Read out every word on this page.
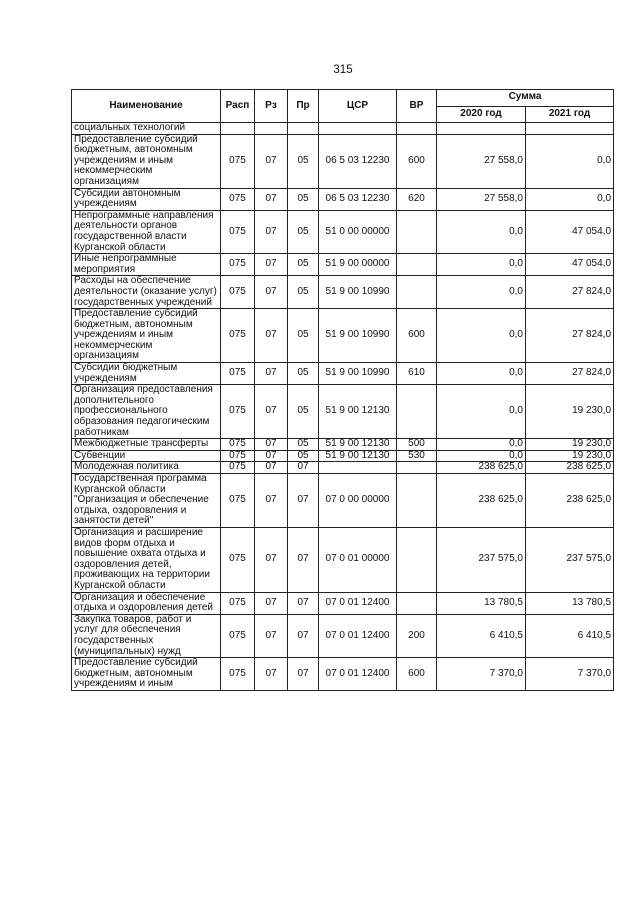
315
Наименование	Расп	Рз	Пр	ЦСР	ВР	Сумма	
						2020 год	2021 год
социальных технологий							
Предоставление субсидий бюджетным, автономным учреждениям и иным некоммерческим организациям	075	07	05	06 5 03 12230	600	27 558,0	0,0
Субсидии автономным учреждениям	075	07	05	06 5 03 12230	620	27 558,0	0,0
Непрограммные направления деятельности органов государственной власти Курганской области	075	07	05	51 0 00 00000		0,0	47 054,0
Иные непрограммные мероприятия	075	07	05	51 9 00 00000		0,0	47 054,0
Расходы на обеспечение деятельности (оказание услуг) государственных учреждений	075	07	05	51 9 00 10990		0,0	27 824,0
Предоставление субсидий бюджетным, автономным учреждениям и иным некоммерческим организациям	075	07	05	51 9 00 10990	600	0,0	27 824,0
Субсидии бюджетным учреждениям	075	07	05	51 9 00 10990	610	0,0	27 824,0
Организация предоставления дополнительного профессионального образования педагогическим работникам	075	07	05	51 9 00 12130		0,0	19 230,0
Межбюджетные трансферты	075	07	05	51 9 00 12130	500	0,0	19 230,0
Субвенции	075	07	05	51 9 00 12130	530	0,0	19 230,0
Молодежная политика	075	07	07			238 625,0	238 625,0
Государственная программа Курганской области "Организация и обеспечение отдыха, оздоровления и занятости детей"	075	07	07	07 0 00 00000		238 625,0	238 625,0
Организация и расширение видов форм отдыха и повышение охвата отдыха и оздоровления детей, проживающих на территории Курганской области	075	07	07	07 0 01 00000		237 575,0	237 575,0
Организация и обеспечение отдыха и оздоровления детей	075	07	07	07 0 01 12400		13 780,5	13 780,5
Закупка товаров, работ и услуг для обеспечения государственных (муниципальных) нужд	075	07	07	07 0 01 12400	200	6 410,5	6 410,5
Предоставление субсидий бюджетным, автономным учреждениям и иным	075	07	07	07 0 01 12400	600	7 370,0	7 370,0
